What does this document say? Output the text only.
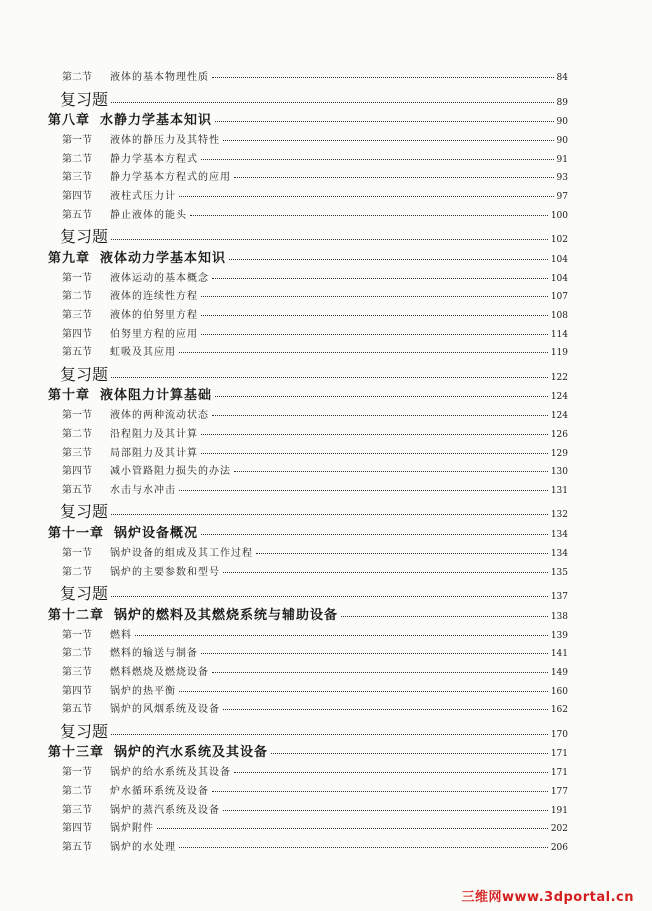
第二节	液体的基本物理性质	84
复习题	89
第八章 水静力学基本知识	90
第一节	液体的静压力及其特性	90
第二节	静力学基本方程式	91
第三节	静力学基本方程式的应用	93
第四节	液柱式压力计	97
第五节	静止液体的能头	100
复习题	102
第九章 液体动力学基本知识	104
第一节	液体运动的基本概念	104
第二节	液体的连续性方程	107
第三节	液体的伯努里方程	108
第四节	伯努里方程的应用	114
第五节	虹吸及其应用	119
复习题	122
第十章 液体阻力计算基础	124
第一节	液体的两种流动状态	124
第二节	沿程阻力及其计算	126
第三节	局部阻力及其计算	129
第四节	减小管路阻力损失的办法	130
第五节	水击与水冲击	131
复习题	132
第十一章 锅炉设备概况	134
第一节	锅炉设备的组成及其工作过程	134
第二节	锅炉的主要参数和型号	135
复习题	137
第十二章 锅炉的燃料及其燃烧系统与辅助设备	138
第一节	燃料	139
第二节	燃料的输送与制备	141
第三节	燃料燃烧及燃烧设备	149
第四节	锅炉的热平衡	160
第五节	锅炉的风烟系统及设备	162
复习题	170
第十三章 锅炉的汽水系统及其设备	171
第一节	锅炉的给水系统及其设备	171
第二节	炉水循环系统及设备	177
第三节	锅炉的蒸汽系统及设备	191
第四节	锅炉附件	202
第五节	锅炉的水处理	206
三维网www.3dportal.cn
